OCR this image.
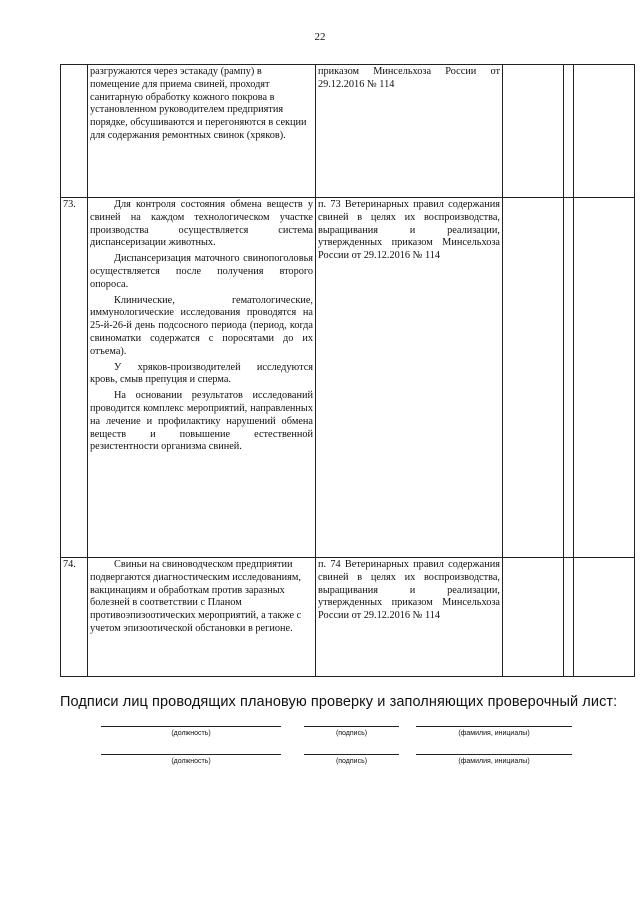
22

	разгружаются через эстакаду (рампу) в помещение для приема свиней, проходят санитарную обработку кожного покрова в установленном руководителем предприятия порядке, обсушиваются и перегоняются в секции для содержания ремонтных свинок (хряков).	приказом Минсельхоза России от 29.12.2016 № 114			
73.	Для контроля состояния обмена веществ у свиней на каждом технологическом участке производства осуществляется система диспансеризации животных.

Диспансеризация маточного свинопоголовья осуществляется после получения второго опороса.

Клинические, гематологические, иммунологические исследования проводятся на 25-й-26-й день подсосного периода (период, когда свиноматки содержатся с поросятами до их отъема).

У хряков-производителей исследуются кровь, смыв препуция и сперма.

На основании результатов исследований проводится комплекс мероприятий, направленных на лечение и профилактику нарушений обмена веществ и повышение естественной резистентности организма свиней.	п. 73 Ветеринарных правил содержания свиней в целях их воспроизводства, выращивания и реализации, утвержденных приказом Минсельхоза России от 29.12.2016 № 114			
74.	Свиньи на свиноводческом предприятии подвергаются диагностическим исследованиям, вакцинациям и обработкам против заразных болезней в соответствии с Планом противоэпизоотических мероприятий, а также с учетом эпизоотической обстановки в регионе.	п. 74 Ветеринарных правил содержания свиней в целях их воспроизводства, выращивания и реализации, утвержденных приказом Минсельхоза России от 29.12.2016 № 114			
Подписи лиц проводящих плановую проверку и заполняющих проверочный лист:
(должность)	(подпись)	(фамилия, инициалы)
(должность)	(подпись)	(фамилия, инициалы)
